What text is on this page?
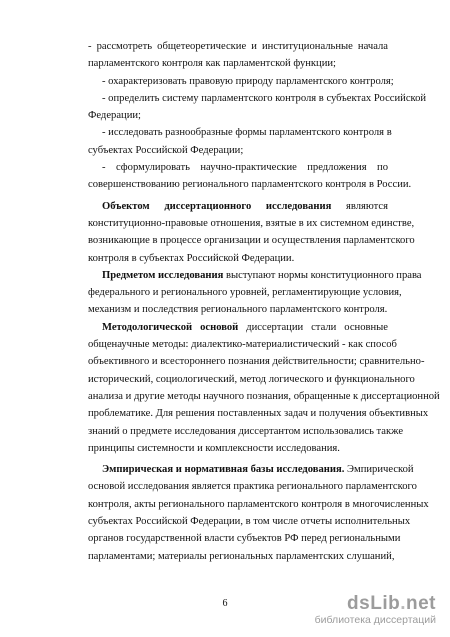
- рассмотреть общетеоретические и институциональные начала
парламентского контроля как парламентской функции;
- охарактеризовать правовую природу парламентского контроля;
- определить систему парламентского контроля в субъектах Российской
Федерации;
- исследовать разнообразные формы парламентского контроля в
субъектах Российской Федерации;
- сформулировать научно-практические предложения по
совершенствованию регионального парламентского контроля в России.
Объектом диссертационного исследования являются
конституционно-правовые отношения, взятые в их системном единстве,
возникающие в процессе организации и осуществления парламентского
контроля в субъектах Российской Федерации.
Предметом исследования выступают нормы конституционного права
федерального и регионального уровней, регламентирующие условия,
механизм и последствия регионального парламентского контроля.
Методологической основой диссертации стали основные
общенаучные методы: диалектико-материалистический - как способ
объективного и всестороннего познания действительности; сравнительно-
исторический, социологический, метод логического и функционального
анализа и другие методы научного познания, обращенные к диссертационной
проблематике. Для решения поставленных задач и получения объективных
знаний о предмете исследования диссертантом использовались также
принципы системности и комплексности исследования.
Эмпирическая и нормативная базы исследования. Эмпирической
основой исследования является практика регионального парламентского
контроля, акты регионального парламентского контроля в многочисленных
субъектах Российской Федерации, в том числе отчеты исполнительных
органов государственной власти субъектов РФ перед региональными
парламентами; материалы региональных парламентских слушаний,
6	dsLib.net
библиотека диссертаций
